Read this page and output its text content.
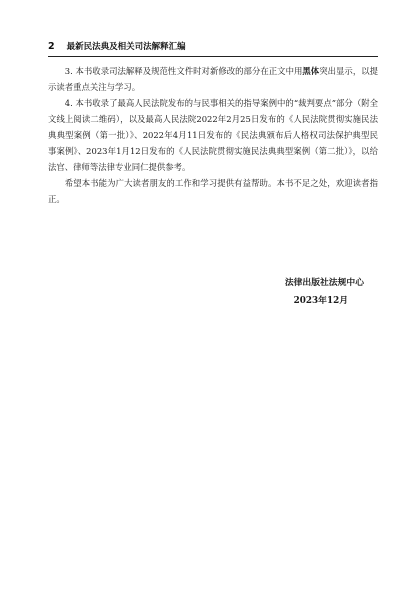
2 最新民法典及相关司法解释汇编

3. 本书收录司法解释及规范性文件时对新修改的部分在正文中用黑体突出显示，以提示读者重点关注与学习。

4. 本书收录了最高人民法院发布的与民事相关的指导案例中的“裁判要点”部分（附全文线上阅读二维码），以及最高人民法院2022年2月25日发布的《人民法院贯彻实施民法典典型案例（第一批）》、2022年4月11日发布的《民法典颁布后人格权司法保护典型民事案例》、2023年1月12日发布的《人民法院贯彻实施民法典典型案例（第二批）》，以给法官、律师等法律专业同仁提供参考。

希望本书能为广大读者朋友的工作和学习提供有益帮助。本书不足之处，欢迎读者指正。

法律出版社法规中心
2023年12月
